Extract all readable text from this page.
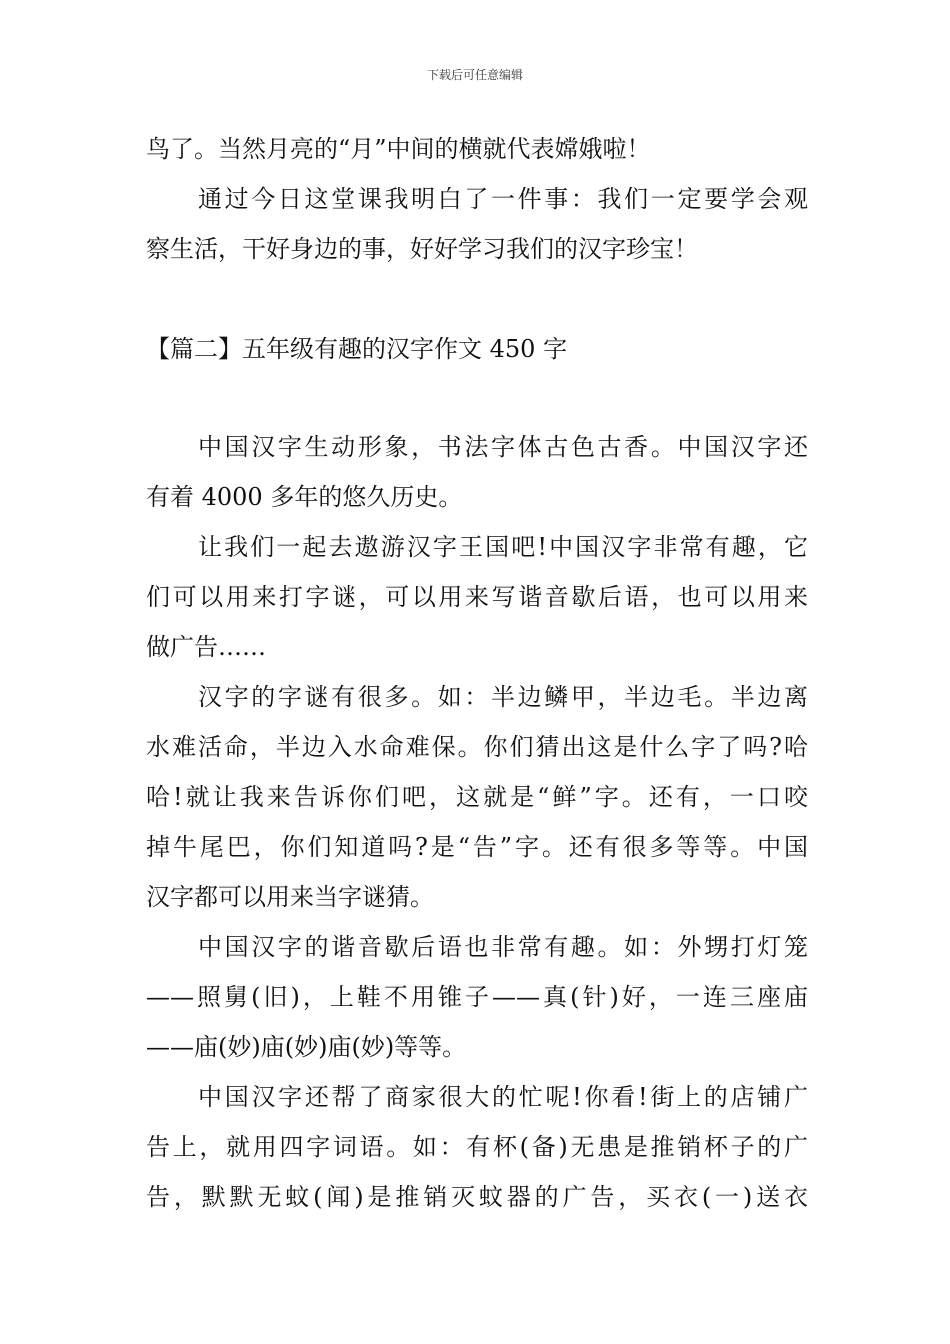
下载后可任意编辑
鸟了。当然月亮的“月”中间的横就代表嫦娥啦！
通过今日这堂课我明白了一件事：我们一定要学会观
察生活，干好身边的事，好好学习我们的汉字珍宝！
【篇二】五年级有趣的汉字作文 450 字
中国汉字生动形象，书法字体古色古香。中国汉字还
有着 4000 多年的悠久历史。
让我们一起去遨游汉字王国吧!中国汉字非常有趣，它
们可以用来打字谜，可以用来写谐音歇后语，也可以用来
做广告……
汉字的字谜有很多。如：半边鳞甲，半边毛。半边离
水难活命，半边入水命难保。你们猜出这是什么字了吗?哈
哈!就让我来告诉你们吧，这就是“鲜”字。还有，一口咬
掉牛尾巴，你们知道吗?是“告”字。还有很多等等。中国
汉字都可以用来当字谜猜。
中国汉字的谐音歇后语也非常有趣。如：外甥打灯笼
——照舅(旧)，上鞋不用锥子——真(针)好，一连三座庙
——庙(妙)庙(妙)庙(妙)等等。
中国汉字还帮了商家很大的忙呢!你看!街上的店铺广
告上，就用四字词语。如：有杯(备)无患是推销杯子的广
告，默默无蚊(闻)是推销灭蚊器的广告，买衣(一)送衣
